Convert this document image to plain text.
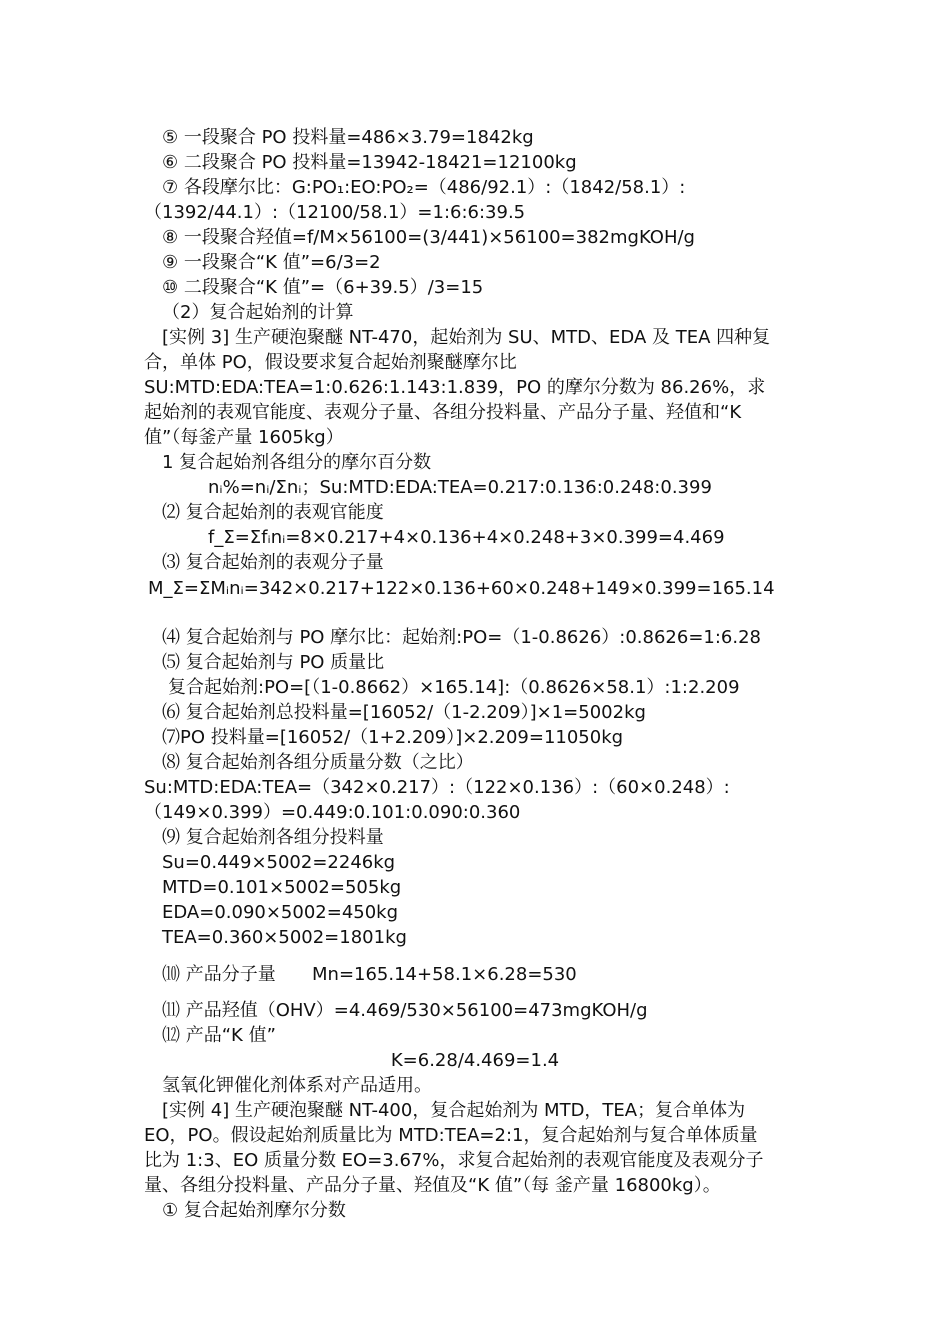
⑤ 一段聚合 PO 投料量=486×3.79=1842kg
⑥ 二段聚合 PO 投料量=13942-18421=12100kg
⑦ 各段摩尔比：G:PO₁:EO:PO₂=（486/92.1）:（1842/58.1）:
（1392/44.1）:（12100/58.1）=1:6:6:39.5
⑧ 一段聚合羟值=f/M×56100=(3/441)×56100=382mgKOH/g
⑨ 一段聚合“K 值”=6/3=2
⑩ 二段聚合“K 值”=（6+39.5）/3=15
（2）复合起始剂的计算
[实例 3] 生产硬泡聚醚 NT-470，起始剂为 SU、MTD、EDA 及 TEA 四种复
合，单体 PO，假设要求复合起始剂聚醚摩尔比
SU:MTD:EDA:TEA=1:0.626:1.143:1.839，PO 的摩尔分数为 86.26%，求
起始剂的表观官能度、表观分子量、各组分投料量、产品分子量、羟值和“K
值”（每釜产量 1605kg）
1 复合起始剂各组分的摩尔百分数
nᵢ%=nᵢ/Σnᵢ；Su:MTD:EDA:TEA=0.217:0.136:0.248:0.399
⑵ 复合起始剂的表观官能度
f_Σ=Σfᵢnᵢ=8×0.217+4×0.136+4×0.248+3×0.399=4.469
⑶ 复合起始剂的表观分子量
M_Σ=ΣMᵢnᵢ=342×0.217+122×0.136+60×0.248+149×0.399=165.14
⑷ 复合起始剂与 PO 摩尔比：起始剂:PO=（1-0.8626）:0.8626=1:6.28
⑸ 复合起始剂与 PO 质量比
复合起始剂:PO=[（1-0.8662）×165.14]:（0.8626×58.1）:1:2.209
⑹ 复合起始剂总投料量=[16052/（1-2.209）]×1=5002kg
⑺PO 投料量=[16052/（1+2.209）]×2.209=11050kg
⑻ 复合起始剂各组分质量分数（之比）
Su:MTD:EDA:TEA=（342×0.217）:（122×0.136）:（60×0.248）:
（149×0.399）=0.449:0.101:0.090:0.360
⑼ 复合起始剂各组分投料量
Su=0.449×5002=2246kg
MTD=0.101×5002=505kg
EDA=0.090×5002=450kg
TEA=0.360×5002=1801kg
⑽ 产品分子量 Mn=165.14+58.1×6.28=530
⑾ 产品羟值（OHV）=4.469/530×56100=473mgKOH/g
⑿ 产品“K 值”
K=6.28/4.469=1.4
氢氧化钾催化剂体系对产品适用。
[实例 4] 生产硬泡聚醚 NT-400，复合起始剂为 MTD，TEA；复合单体为
EO，PO。假设起始剂质量比为 MTD:TEA=2:1，复合起始剂与复合单体质量
比为 1:3、EO 质量分数 EO=3.67%，求复合起始剂的表观官能度及表观分子
量、各组分投料量、产品分子量、羟值及“K 值”（每 釜产量 16800kg）。
① 复合起始剂摩尔分数
